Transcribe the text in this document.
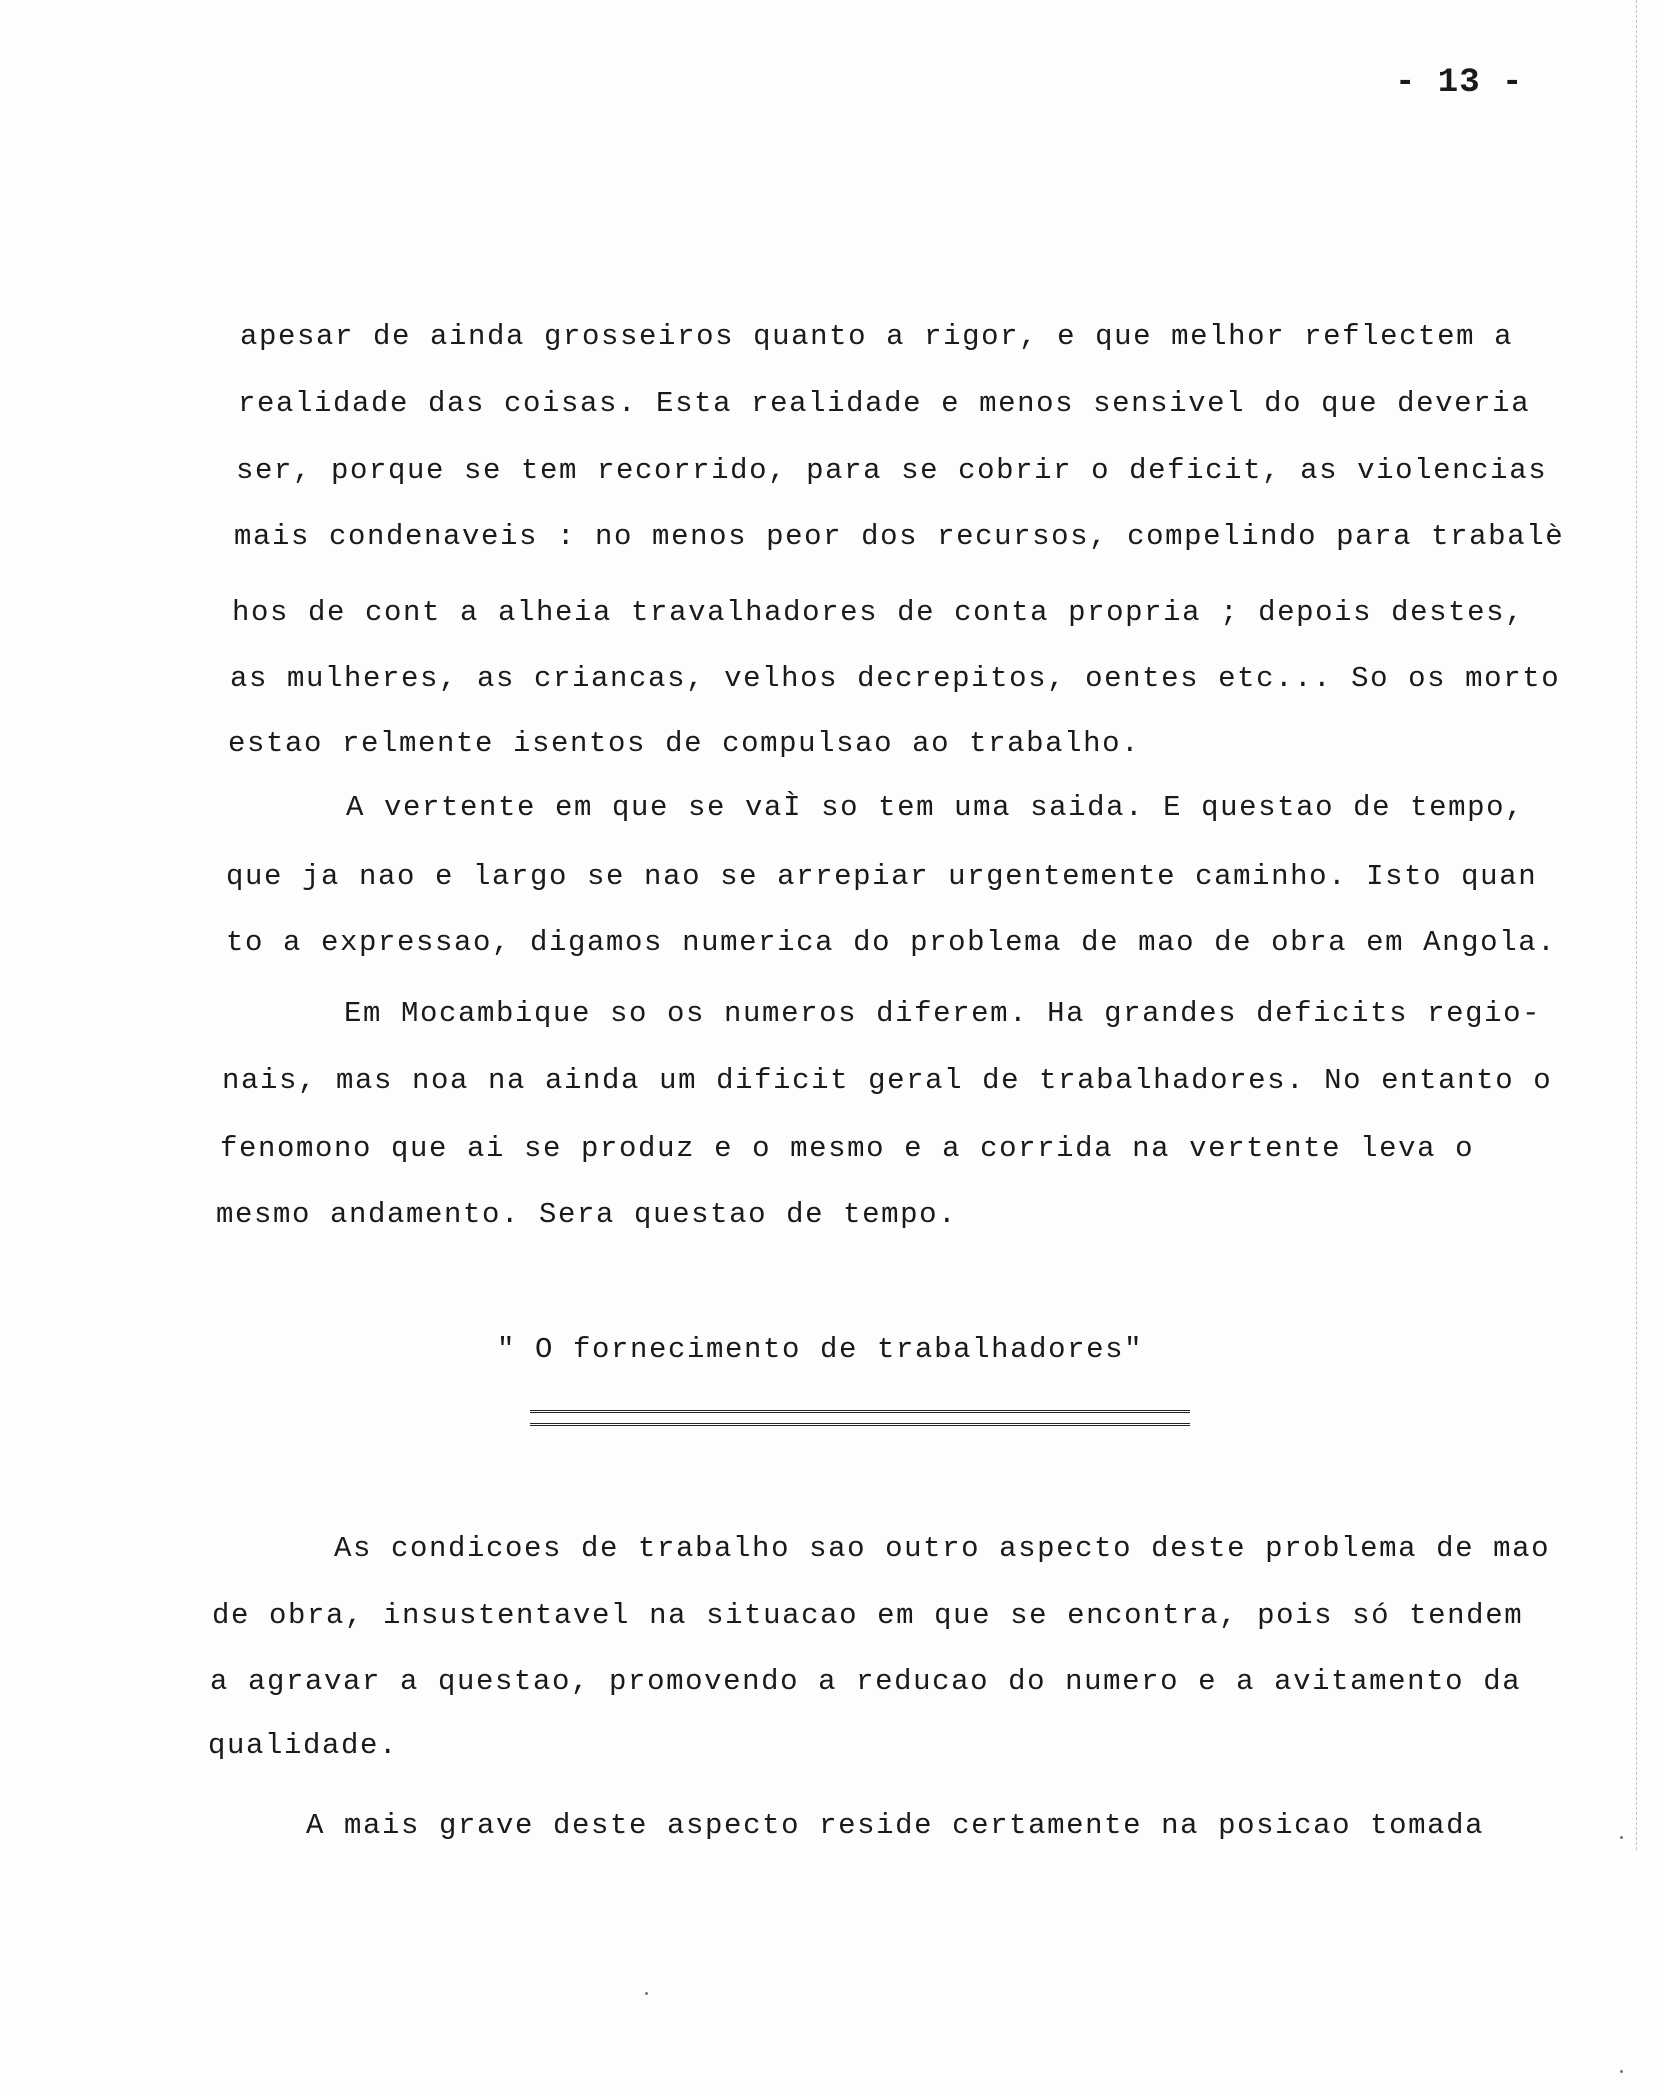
- 13 -
apesar de ainda grosseiros quanto a rigor, e que melhor reflectem a
realidade das coisas. Esta realidade e menos sensivel do que deveria
ser, porque se tem recorrido, para se cobrir o deficit, as violencias
mais condenaveis : no menos peor dos recursos, compelindo para trabalè
hos de cont a alheia travalhadores de conta propria ; depois destes,
as mulheres, as criancas, velhos decrepitos, oentes etc... So os morto
estao relmente isentos de compulsao ao trabalho.
A vertente em que se vaÌ so tem uma saida. E questao de tempo,
que ja nao e largo se nao se arrepiar urgentemente caminho. Isto quan
to a expressao, digamos numerica do problema de mao de obra em Angola.
Em Mocambique so os numeros diferem. Ha grandes deficits regio-
nais, mas noa na ainda um dificit geral de trabalhadores. No entanto o
fenomono que ai se produz e o mesmo e a corrida na vertente leva o
mesmo andamento. Sera questao de tempo.
" O fornecimento de trabalhadores"
As condicoes de trabalho sao outro aspecto deste problema de mao
de obra, insustentavel na situacao em que se encontra, pois só tendem
a agravar a questao, promovendo a reducao do numero e a avitamento da
qualidade.
A mais grave deste aspecto reside certamente na posicao tomada
